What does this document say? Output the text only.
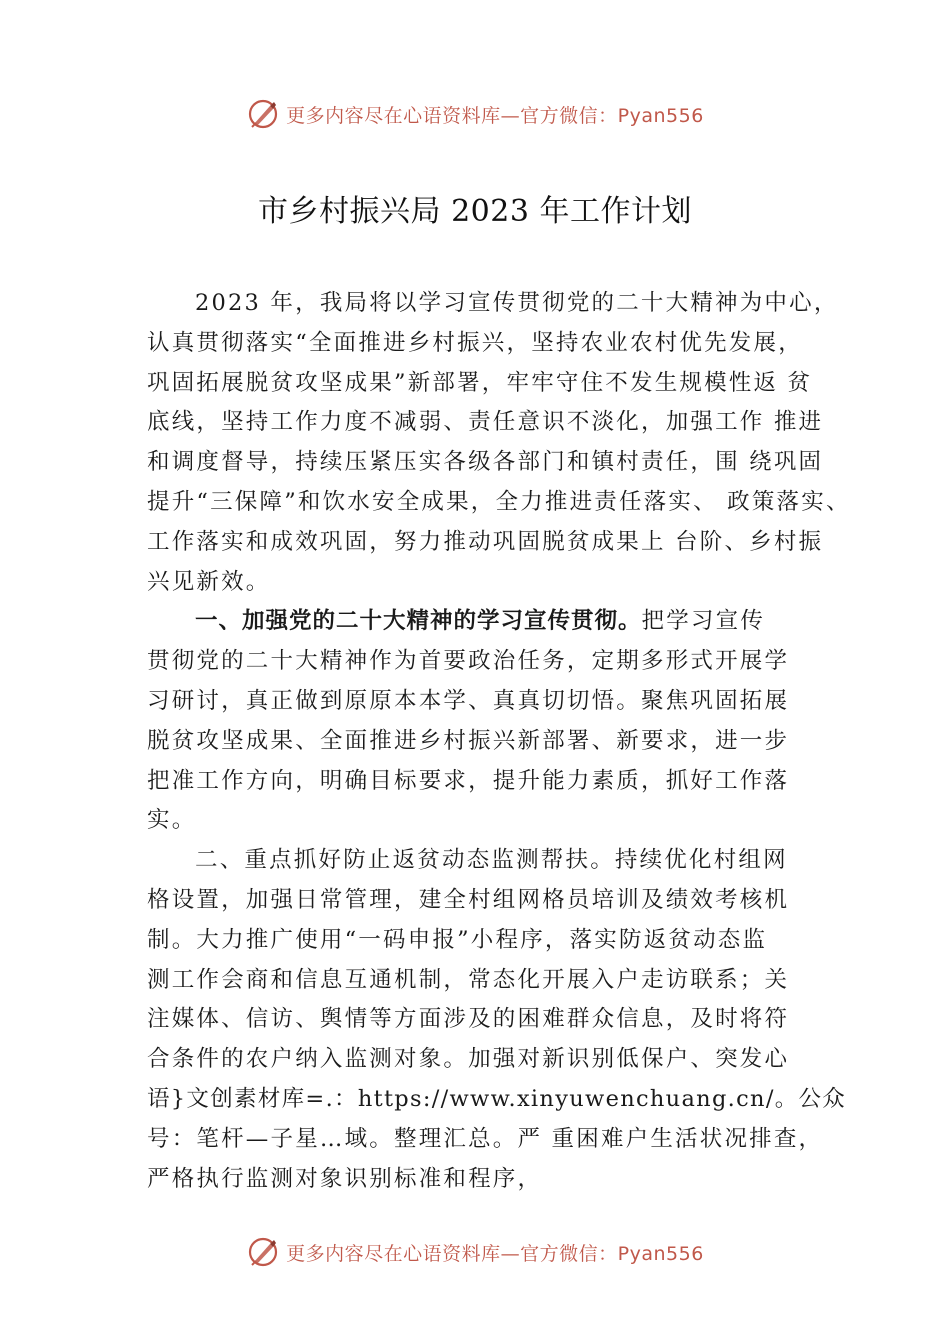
更多内容尽在心语资料库—官方微信：Pyan556
市乡村振兴局 2023 年工作计划
2023 年，我局将以学习宣传贯彻党的二十大精神为中心，
认真贯彻落实“全面推进乡村振兴，坚持农业农村优先发展，
巩固拓展脱贫攻坚成果”新部署，牢牢守住不发生规模性返 贫
底线，坚持工作力度不减弱、责任意识不淡化，加强工作 推进
和调度督导，持续压紧压实各级各部门和镇村责任，围 绕巩固
提升“三保障”和饮水安全成果，全力推进责任落实、 政策落实、
工作落实和成效巩固，努力推动巩固脱贫成果上 台阶、乡村振
兴见新效。
一、加强党的二十大精神的学习宣传贯彻。把学习宣传
贯彻党的二十大精神作为首要政治任务，定期多形式开展学
习研讨，真正做到原原本本学、真真切切悟。聚焦巩固拓展
脱贫攻坚成果、全面推进乡村振兴新部署、新要求，进一步
把准工作方向，明确目标要求，提升能力素质，抓好工作落
实。
二、重点抓好防止返贫动态监测帮扶。持续优化村组网
格设置，加强日常管理，建全村组网格员培训及绩效考核机
制。大力推广使用“一码申报”小程序，落实防返贫动态监
测工作会商和信息互通机制，常态化开展入户走访联系；关
注媒体、信访、舆情等方面涉及的困难群众信息，及时将符
合条件的农户纳入监测对象。加强对新识别低保户、突发心
语}文创素材库=.：https://www.xinyuwenchuang.cn/。公众
号：笔杆—子星…域。整理汇总。严 重困难户生活状况排查，
严格执行监测对象识别标准和程序，
更多内容尽在心语资料库—官方微信：Pyan556
